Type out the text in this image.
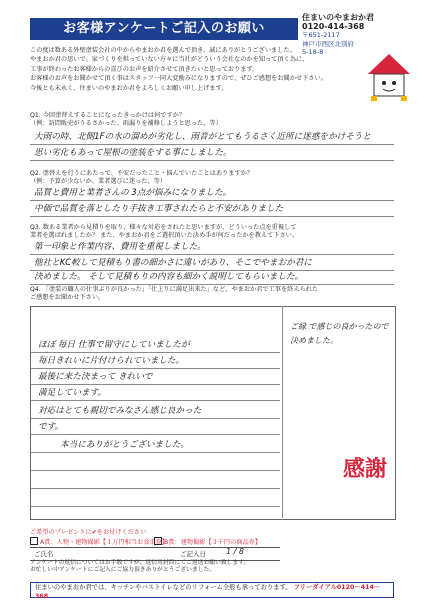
お客様アンケートご記入のお願い
住まいのやまおか君
0120-414-368
〒651-2117
神戸市西区北別府
5-18-8
この度は数ある外壁塗装会社の中からやまおか君を選んで頂き、誠にありがとうございました。
やまおか君の思いで、家づくりを担っていない方々に当社がどういう会社なのかを知って頂く為に、
工事が終わったお客様からの喜びのお声を紹介させて頂きたいと思っております。
お客様のお声をお聞かせて頂く事はスタッフ一同大変励みになりますので、ぜひご感想をお聞かせ下さい。
今後とも末永く、住まいのやまおか君をよろしくお願い申し上げます。
Q1. 今回塗替えすることになったきっかけは何ですか？
（例：訪問販売がうるさかった、雨漏りを補修しようと思った、等）
大雨の時、北側1Fの水の溜めが劣化し、雨音がとてもうるさく近所に迷惑をかけそうと
思い劣化もあって屋根の塗装をする事にしました。
Q2. 塗替えを行うにあたって、不安だったこと・悩んでいたことはありますか？
（例：予算が少ないか、業者選びに迷った、等）
品質と費用と業者さんの 3点が悩みになりました。
中価で品質を落としたり手抜き工事されたらと不安がありました
Q3. 数ある業者から見積りを取り、様々な対応をされたと思いますが、どういった点を重視して
業者を選ばれましたか？ また、やまおか君をご選択頂いた決め手が何だったかを教えて下さい。
第一印象と作業内容、費用を重視しました。
他社とKC較して見積もり書の細かさに違いがあり、そこでやまおか君に
決めました。 そして見積もりの内容も細かく説明してもらいました。
Q4. 「塗装の職人の仕事ぶりが良かった」「仕上りに満足出来た」など、やまおか君で工事を終えられた
ご感想をお聞かせ下さい。
ご縁 で感じの良かったので
決めました。
ほぼ 毎日 仕事で留守にしていましたが
毎日きれいに片付けられていました。
最後に来た決まって きれいで
満足しています。
対応はとても親切でみなさん感じ良かった
です。
本当にありがとうございました。
感謝
ご希望のプレゼントに✔をお付けください
A賞：人物・建物撮影【１万円相当お食事券】
B賞：建物撮影【３千円の商品券】
ご氏名	ご記入日	1 / 8
アンケートの返信についてはお手数ですが、返信用封筒にてご返送お願い致します。
お忙しい中アンケートにご記入にご協力頂きありがとうございました。
住まいのやまおか君では、キッチンやバストイレなどのリフォーム全般も承っております。 フリーダイアル0120－414－368
